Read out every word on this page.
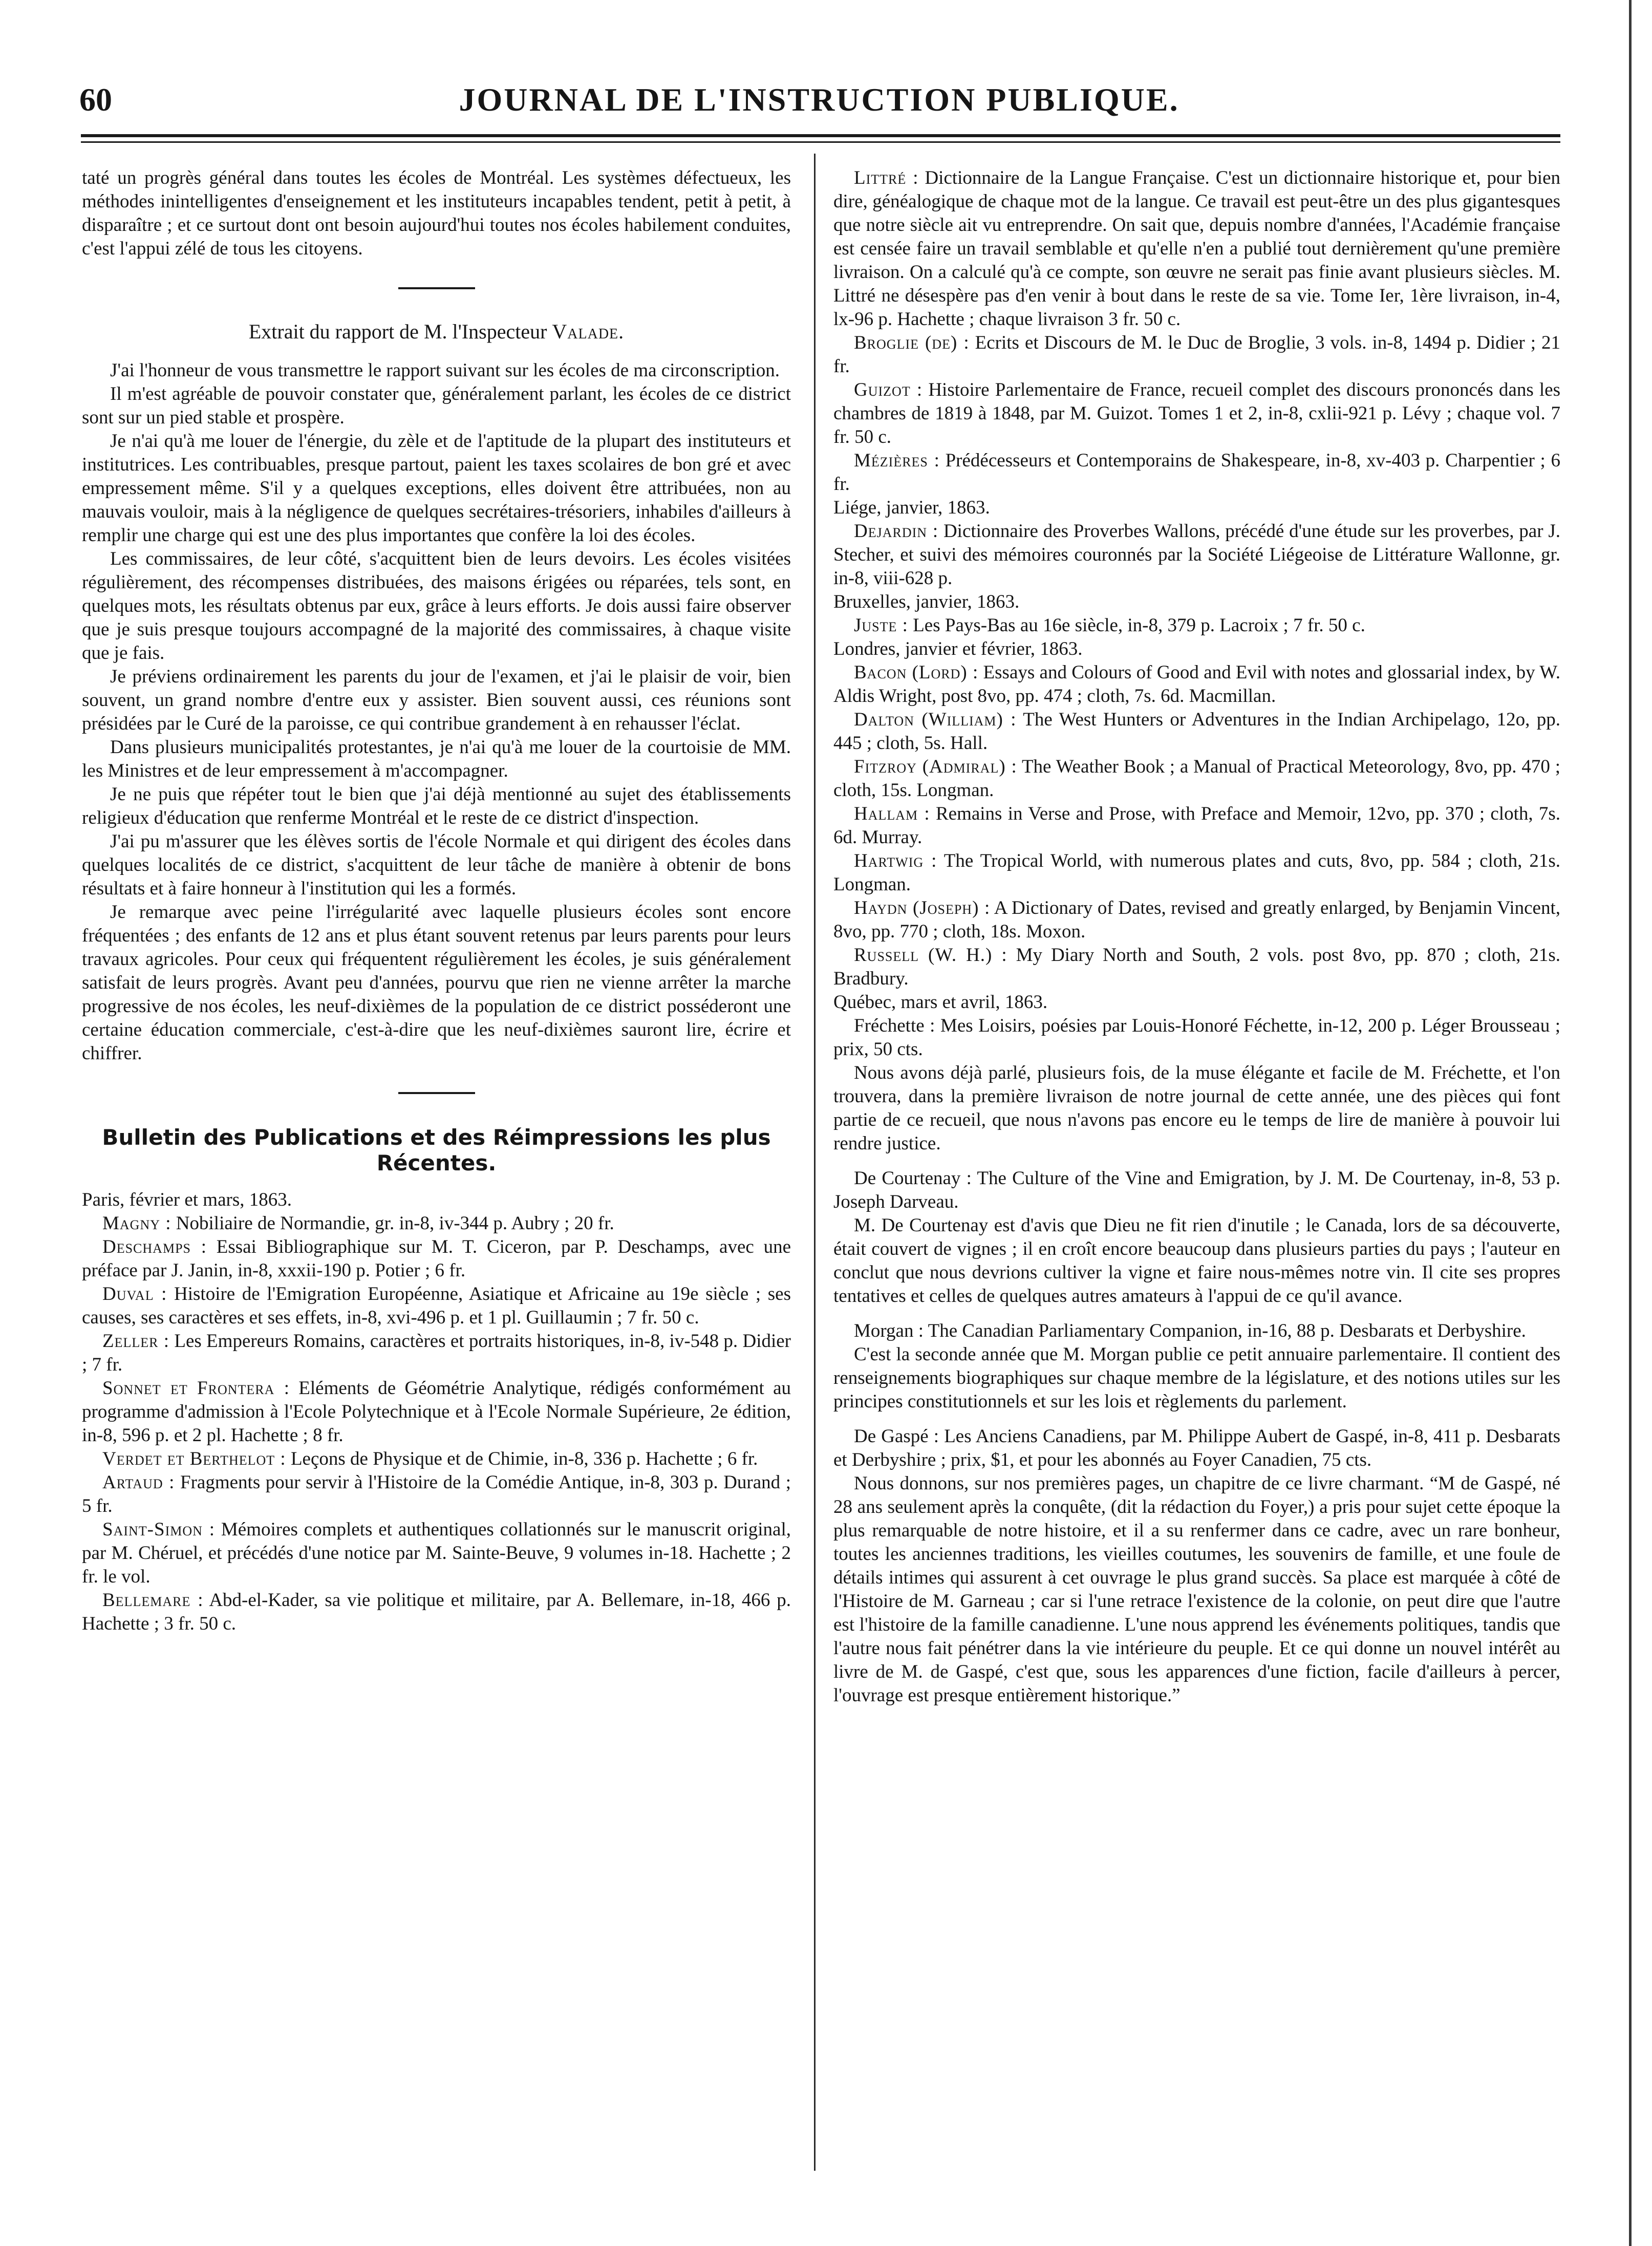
60	JOURNAL DE L'INSTRUCTION PUBLIQUE.

taté un progrès général dans toutes les écoles de Montréal. Les systèmes défectueux, les méthodes inintelligentes d'enseignement et les instituteurs incapables tendent, petit à petit, à disparaître ; et ce surtout dont ont besoin aujourd'hui toutes nos écoles habilement conduites, c'est l'appui zélé de tous les citoyens.

Extrait du rapport de M. l'Inspecteur Valade.

J'ai l'honneur de vous transmettre le rapport suivant sur les écoles de ma circonscription.

Il m'est agréable de pouvoir constater que, généralement parlant, les écoles de ce district sont sur un pied stable et prospère.

Je n'ai qu'à me louer de l'énergie, du zèle et de l'aptitude de la plupart des instituteurs et institutrices. Les contribuables, presque partout, paient les taxes scolaires de bon gré et avec empressement même. S'il y a quelques exceptions, elles doivent être attribuées, non au mauvais vouloir, mais à la négligence de quelques secrétaires-trésoriers, inhabiles d'ailleurs à remplir une charge qui est une des plus importantes que confère la loi des écoles.

Les commissaires, de leur côté, s'acquittent bien de leurs devoirs. Les écoles visitées régulièrement, des récompenses distribuées, des maisons érigées ou réparées, tels sont, en quelques mots, les résultats obtenus par eux, grâce à leurs efforts. Je dois aussi faire observer que je suis presque toujours accompagné de la majorité des commissaires, à chaque visite que je fais.

Je préviens ordinairement les parents du jour de l'examen, et j'ai le plaisir de voir, bien souvent, un grand nombre d'entre eux y assister. Bien souvent aussi, ces réunions sont présidées par le Curé de la paroisse, ce qui contribue grandement à en rehausser l'éclat.

Dans plusieurs municipalités protestantes, je n'ai qu'à me louer de la courtoisie de MM. les Ministres et de leur empressement à m'accompagner.

Je ne puis que répéter tout le bien que j'ai déjà mentionné au sujet des établissements religieux d'éducation que renferme Montréal et le reste de ce district d'inspection.

J'ai pu m'assurer que les élèves sortis de l'école Normale et qui dirigent des écoles dans quelques localités de ce district, s'acquittent de leur tâche de manière à obtenir de bons résultats et à faire honneur à l'institution qui les a formés.

Je remarque avec peine l'irrégularité avec laquelle plusieurs écoles sont encore fréquentées ; des enfants de 12 ans et plus étant souvent retenus par leurs parents pour leurs travaux agricoles. Pour ceux qui fréquentent régulièrement les écoles, je suis généralement satisfait de leurs progrès. Avant peu d'années, pourvu que rien ne vienne arrêter la marche progressive de nos écoles, les neuf-dixièmes de la population de ce district posséderont une certaine éducation commerciale, c'est-à-dire que les neuf-dixièmes sauront lire, écrire et chiffrer.

Bulletin des Publications et des Réimpressions les plus Récentes.

Paris, février et mars, 1863.

Magny : Nobiliaire de Normandie, gr. in-8, iv-344 p. Aubry ; 20 fr.

Deschamps : Essai Bibliographique sur M. T. Ciceron, par P. Deschamps, avec une préface par J. Janin, in-8, xxxii-190 p. Potier ; 6 fr.

Duval : Histoire de l'Emigration Européenne, Asiatique et Africaine au 19e siècle ; ses causes, ses caractères et ses effets, in-8, xvi-496 p. et 1 pl. Guillaumin ; 7 fr. 50 c.

Zeller : Les Empereurs Romains, caractères et portraits historiques, in-8, iv-548 p. Didier ; 7 fr.

Sonnet et Frontera : Eléments de Géométrie Analytique, rédigés conformément au programme d'admission à l'Ecole Polytechnique et à l'Ecole Normale Supérieure, 2e édition, in-8, 596 p. et 2 pl. Hachette ; 8 fr.

Verdet et Berthelot : Leçons de Physique et de Chimie, in-8, 336 p. Hachette ; 6 fr.

Artaud : Fragments pour servir à l'Histoire de la Comédie Antique, in-8, 303 p. Durand ; 5 fr.

Saint-Simon : Mémoires complets et authentiques collationnés sur le manuscrit original, par M. Chéruel, et précédés d'une notice par M. Sainte-Beuve, 9 volumes in-18. Hachette ; 2 fr. le vol.

Bellemare : Abd-el-Kader, sa vie politique et militaire, par A. Bellemare, in-18, 466 p. Hachette ; 3 fr. 50 c.

Littré : Dictionnaire de la Langue Française. C'est un dictionnaire historique et, pour bien dire, généalogique de chaque mot de la langue. Ce travail est peut-être un des plus gigantesques que notre siècle ait vu entreprendre. On sait que, depuis nombre d'années, l'Académie française est censée faire un travail semblable et qu'elle n'en a publié tout dernièrement qu'une première livraison. On a calculé qu'à ce compte, son œuvre ne serait pas finie avant plusieurs siècles. M. Littré ne désespère pas d'en venir à bout dans le reste de sa vie. Tome Ier, 1ère livraison, in-4, lx-96 p. Hachette ; chaque livraison 3 fr. 50 c.

Broglie (de) : Ecrits et Discours de M. le Duc de Broglie, 3 vols. in-8, 1494 p. Didier ; 21 fr.

Guizot : Histoire Parlementaire de France, recueil complet des discours prononcés dans les chambres de 1819 à 1848, par M. Guizot. Tomes 1 et 2, in-8, cxlii-921 p. Lévy ; chaque vol. 7 fr. 50 c.

Mézières : Prédécesseurs et Contemporains de Shakespeare, in-8, xv-403 p. Charpentier ; 6 fr.

Liége, janvier, 1863.

Dejardin : Dictionnaire des Proverbes Wallons, précédé d'une étude sur les proverbes, par J. Stecher, et suivi des mémoires couronnés par la Société Liégeoise de Littérature Wallonne, gr. in-8, viii-628 p.

Bruxelles, janvier, 1863.

Juste : Les Pays-Bas au 16e siècle, in-8, 379 p. Lacroix ; 7 fr. 50 c.

Londres, janvier et février, 1863.

Bacon (Lord) : Essays and Colours of Good and Evil with notes and glossarial index, by W. Aldis Wright, post 8vo, pp. 474 ; cloth, 7s. 6d. Macmillan.

Dalton (William) : The West Hunters or Adventures in the Indian Archipelago, 12o, pp. 445 ; cloth, 5s. Hall.

Fitzroy (Admiral) : The Weather Book ; a Manual of Practical Meteorology, 8vo, pp. 470 ; cloth, 15s. Longman.

Hallam : Remains in Verse and Prose, with Preface and Memoir, 12vo, pp. 370 ; cloth, 7s. 6d. Murray.

Hartwig : The Tropical World, with numerous plates and cuts, 8vo, pp. 584 ; cloth, 21s. Longman.

Haydn (Joseph) : A Dictionary of Dates, revised and greatly enlarged, by Benjamin Vincent, 8vo, pp. 770 ; cloth, 18s. Moxon.

Russell (W. H.) : My Diary North and South, 2 vols. post 8vo, pp. 870 ; cloth, 21s. Bradbury.

Québec, mars et avril, 1863.

Fréchette : Mes Loisirs, poésies par Louis-Honoré Féchette, in-12, 200 p. Léger Brousseau ; prix, 50 cts.

Nous avons déjà parlé, plusieurs fois, de la muse élégante et facile de M. Fréchette, et l'on trouvera, dans la première livraison de notre journal de cette année, une des pièces qui font partie de ce recueil, que nous n'avons pas encore eu le temps de lire de manière à pouvoir lui rendre justice.

De Courtenay : The Culture of the Vine and Emigration, by J. M. De Courtenay, in-8, 53 p. Joseph Darveau.

M. De Courtenay est d'avis que Dieu ne fit rien d'inutile ; le Canada, lors de sa découverte, était couvert de vignes ; il en croît encore beaucoup dans plusieurs parties du pays ; l'auteur en conclut que nous devrions cultiver la vigne et faire nous-mêmes notre vin. Il cite ses propres tentatives et celles de quelques autres amateurs à l'appui de ce qu'il avance.

Morgan : The Canadian Parliamentary Companion, in-16, 88 p. Desbarats et Derbyshire.

C'est la seconde année que M. Morgan publie ce petit annuaire parlementaire. Il contient des renseignements biographiques sur chaque membre de la législature, et des notions utiles sur les principes constitutionnels et sur les lois et règlements du parlement.

De Gaspé : Les Anciens Canadiens, par M. Philippe Aubert de Gaspé, in-8, 411 p. Desbarats et Derbyshire ; prix, $1, et pour les abonnés au Foyer Canadien, 75 cts.

Nous donnons, sur nos premières pages, un chapitre de ce livre charmant. “M de Gaspé, né 28 ans seulement après la conquête, (dit la rédaction du Foyer,) a pris pour sujet cette époque la plus remarquable de notre histoire, et il a su renfermer dans ce cadre, avec un rare bonheur, toutes les anciennes traditions, les vieilles coutumes, les souvenirs de famille, et une foule de détails intimes qui assurent à cet ouvrage le plus grand succès. Sa place est marquée à côté de l'Histoire de M. Garneau ; car si l'une retrace l'existence de la colonie, on peut dire que l'autre est l'histoire de la famille canadienne. L'une nous apprend les événements politiques, tandis que l'autre nous fait pénétrer dans la vie intérieure du peuple. Et ce qui donne un nouvel intérêt au livre de M. de Gaspé, c'est que, sous les apparences d'une fiction, facile d'ailleurs à percer, l'ouvrage est presque entièrement historique.”
